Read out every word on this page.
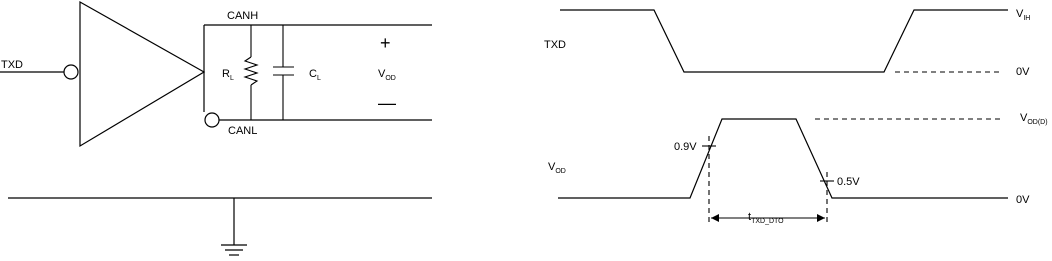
TXD
CANH
CANL
$R_L$	$C_L$
+
$V_{OD}$
—
TXD
$V_{IH}$
0V
$V_{OD(D)}$
$V_{OD}$
0V
0.9V
0.5V
$t_{TXD\_DTO}$
